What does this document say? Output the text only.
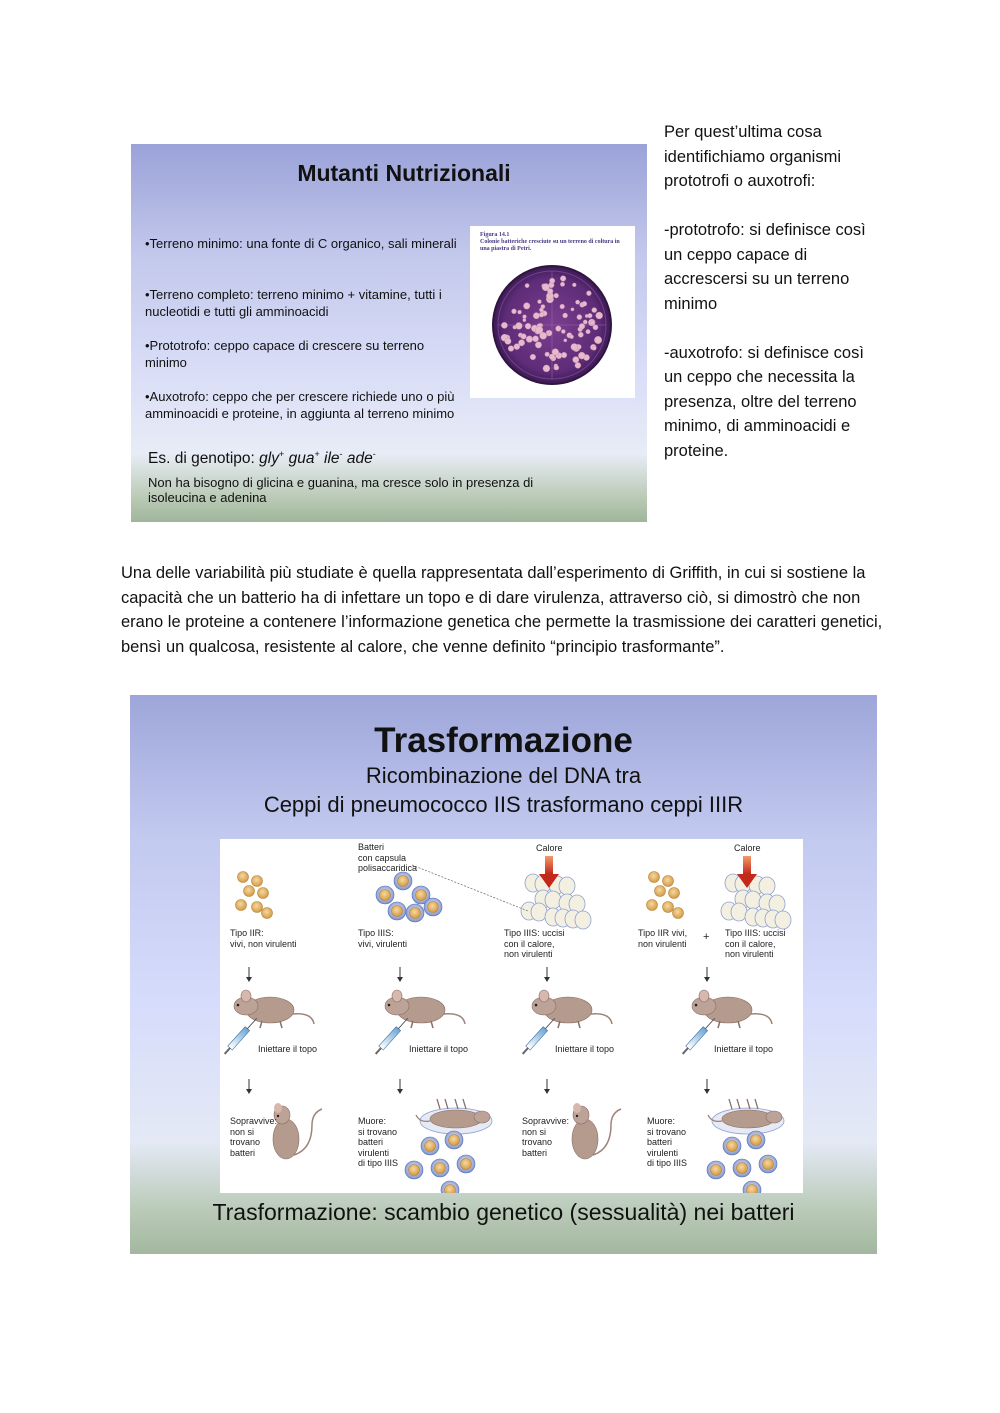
Mutanti Nutrizionali
•Terreno minimo: una fonte di C organico, sali minerali
•Terreno completo: terreno minimo + vitamine, tutti i nucleotidi e tutti gli amminoacidi
•Prototrofo: ceppo capace di crescere su terreno minimo
•Auxotrofo: ceppo che per crescere richiede uno o più amminoacidi e proteine, in aggiunta al terreno minimo
Es. di genotipo: gly+ gua+ ile- ade-
Non ha bisogno di glicina e guanina, ma cresce solo in presenza di isoleucina e adenina
Figura 14.1
Colonie batteriche cresciute su un terreno di coltura in una piastra di Petri.

Per quest’ultima cosa identifichiamo organismi prototrofi o auxotrofi:

-prototrofo: si definisce così un ceppo capace di accrescersi su un terreno minimo

-auxotrofo: si definisce così un ceppo che necessita la presenza, oltre del terreno minimo, di amminoacidi e proteine.

Una delle variabilità più studiate è quella rappresentata dall’esperimento di Griffith, in cui si sostiene la capacità che un batterio ha di infettare un topo e di dare virulenza, attraverso ciò, si dimostrò che non erano le proteine a contenere l’informazione genetica che permette la trasmissione dei caratteri genetici, bensì un qualcosa, resistente al calore, che venne definito “principio trasformante”.

Trasformazione
Ricombinazione del DNA tra
Ceppi di pneumococco IIS trasformano ceppi IIIR
Batteri
con capsula
polisaccaridica
Calore	Calore
Tipo IIR:
vivi, non virulenti
Tipo IIIS:
vivi, virulenti
Tipo IIIS: uccisi
con il calore,
non virulenti
Tipo IIR vivi,
non virulenti
+ Tipo IIIS: uccisi
con il calore,
non virulenti
Iniettare il topo	Iniettare il topo	Iniettare il topo	Iniettare il topo
Sopravvive:
non si
trovano
batteri
Muore:
si trovano
batteri
virulenti
di tipo IIIS
Sopravvive:
non si
trovano
batteri
Muore:
si trovano
batteri
virulenti
di tipo IIIS
Trasformazione: scambio genetico (sessualità) nei batteri
